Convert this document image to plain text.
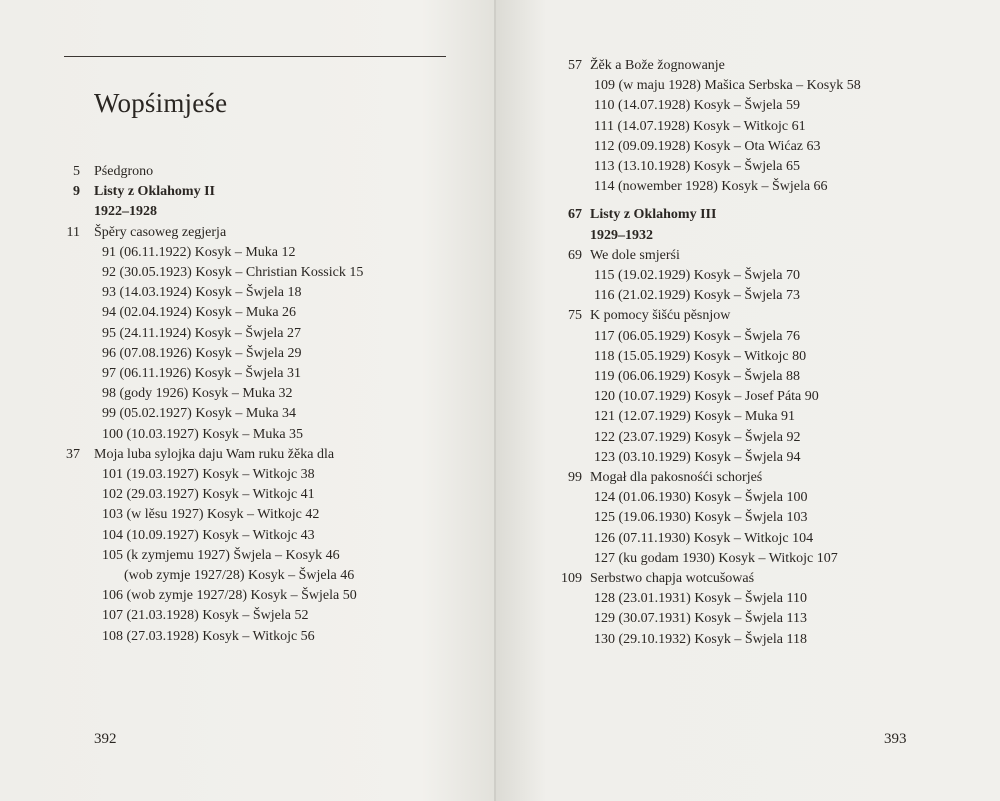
Wopśimjeśe
5 Pśedgrono
9 Listy z Oklahomy II
1922–1928
11 Špěry casoweg zegjerja
91 (06.11.1922) Kosyk – Muka 12
92 (30.05.1923) Kosyk – Christian Kossick 15
93 (14.03.1924) Kosyk – Šwjela 18
94 (02.04.1924) Kosyk – Muka 26
95 (24.11.1924) Kosyk – Šwjela 27
96 (07.08.1926) Kosyk – Šwjela 29
97 (06.11.1926) Kosyk – Šwjela 31
98 (gody 1926) Kosyk – Muka 32
99 (05.02.1927) Kosyk – Muka 34
100 (10.03.1927) Kosyk – Muka 35
37 Moja luba sylojka daju Wam ruku žěka dla
101 (19.03.1927) Kosyk – Witkojc 38
102 (29.03.1927) Kosyk – Witkojc 41
103 (w lěsu 1927) Kosyk – Witkojc 42
104 (10.09.1927) Kosyk – Witkojc 43
105 (k zymjemu 1927) Šwjela – Kosyk 46
(wob zymje 1927/28) Kosyk – Šwjela 46
106 (wob zymje 1927/28) Kosyk – Šwjela 50
107 (21.03.1928) Kosyk – Šwjela 52
108 (27.03.1928) Kosyk – Witkojc 56
392
57 Žěk a Bože žognowanje
109 (w maju 1928) Mašica Serbska – Kosyk 58
110 (14.07.1928) Kosyk – Šwjela 59
111 (14.07.1928) Kosyk – Witkojc 61
112 (09.09.1928) Kosyk – Ota Wićaz 63
113 (13.10.1928) Kosyk – Šwjela 65
114 (nowember 1928) Kosyk – Šwjela 66
67 Listy z Oklahomy III
1929–1932
69 We dole smjerśi
115 (19.02.1929) Kosyk – Šwjela 70
116 (21.02.1929) Kosyk – Šwjela 73
75 K pomocy šišću pěsnjow
117 (06.05.1929) Kosyk – Šwjela 76
118 (15.05.1929) Kosyk – Witkojc 80
119 (06.06.1929) Kosyk – Šwjela 88
120 (10.07.1929) Kosyk – Josef Páta 90
121 (12.07.1929) Kosyk – Muka 91
122 (23.07.1929) Kosyk – Šwjela 92
123 (03.10.1929) Kosyk – Šwjela 94
99 Mogał dla pakosnośći schorjeś
124 (01.06.1930) Kosyk – Šwjela 100
125 (19.06.1930) Kosyk – Šwjela 103
126 (07.11.1930) Kosyk – Witkojc 104
127 (ku godam 1930) Kosyk – Witkojc 107
109 Serbstwo chapja wotcušowaś
128 (23.01.1931) Kosyk – Šwjela 110
129 (30.07.1931) Kosyk – Šwjela 113
130 (29.10.1932) Kosyk – Šwjela 118
393
